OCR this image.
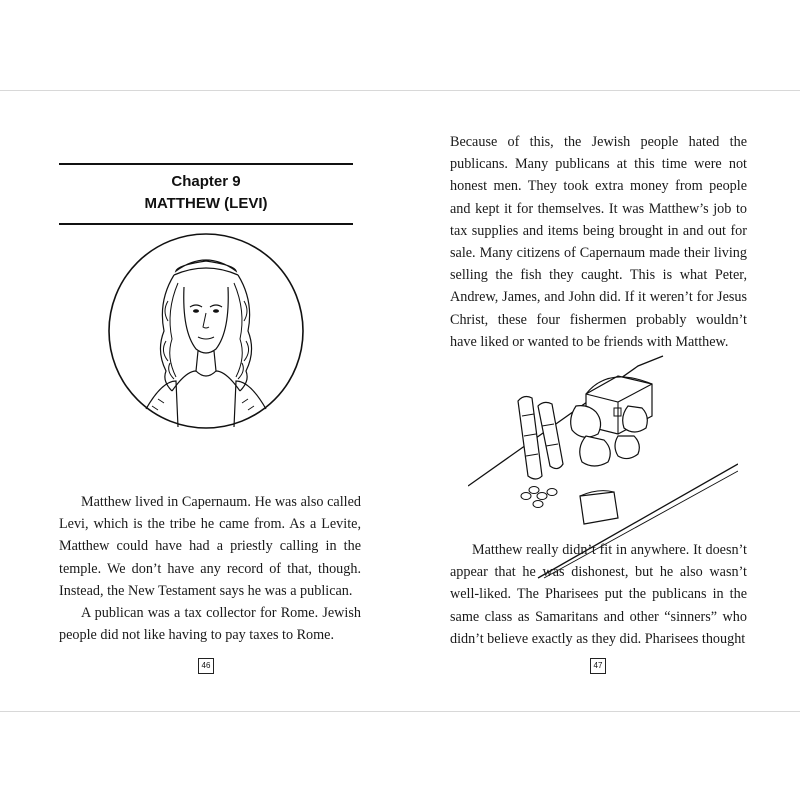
Chapter 9
MATTHEW (LEVI)

Matthew lived in Capernaum. He was also called Levi, which is the tribe he came from. As a Levite, Matthew could have had a priestly calling in the temple. We don’t have any record of that, though. Instead, the New Testament says he was a publican.

A publican was a tax collector for Rome. Jewish people did not like having to pay taxes to Rome.

46

Because of this, the Jewish people hated the publicans. Many publicans at this time were not honest men. They took extra money from people and kept it for themselves. It was Matthew’s job to tax supplies and items being brought in and out for sale. Many citizens of Capernaum made their living selling the fish they caught. This is what Peter, Andrew, James, and John did. If it weren’t for Jesus Christ, these four fishermen probably wouldn’t have liked or wanted to be friends with Matthew.

Matthew really didn’t fit in anywhere. It doesn’t appear that he was dishonest, but he also wasn’t well-liked. The Pharisees put the publicans in the same class as Samaritans and other “sinners” who didn’t believe exactly as they did. Pharisees thought

47
